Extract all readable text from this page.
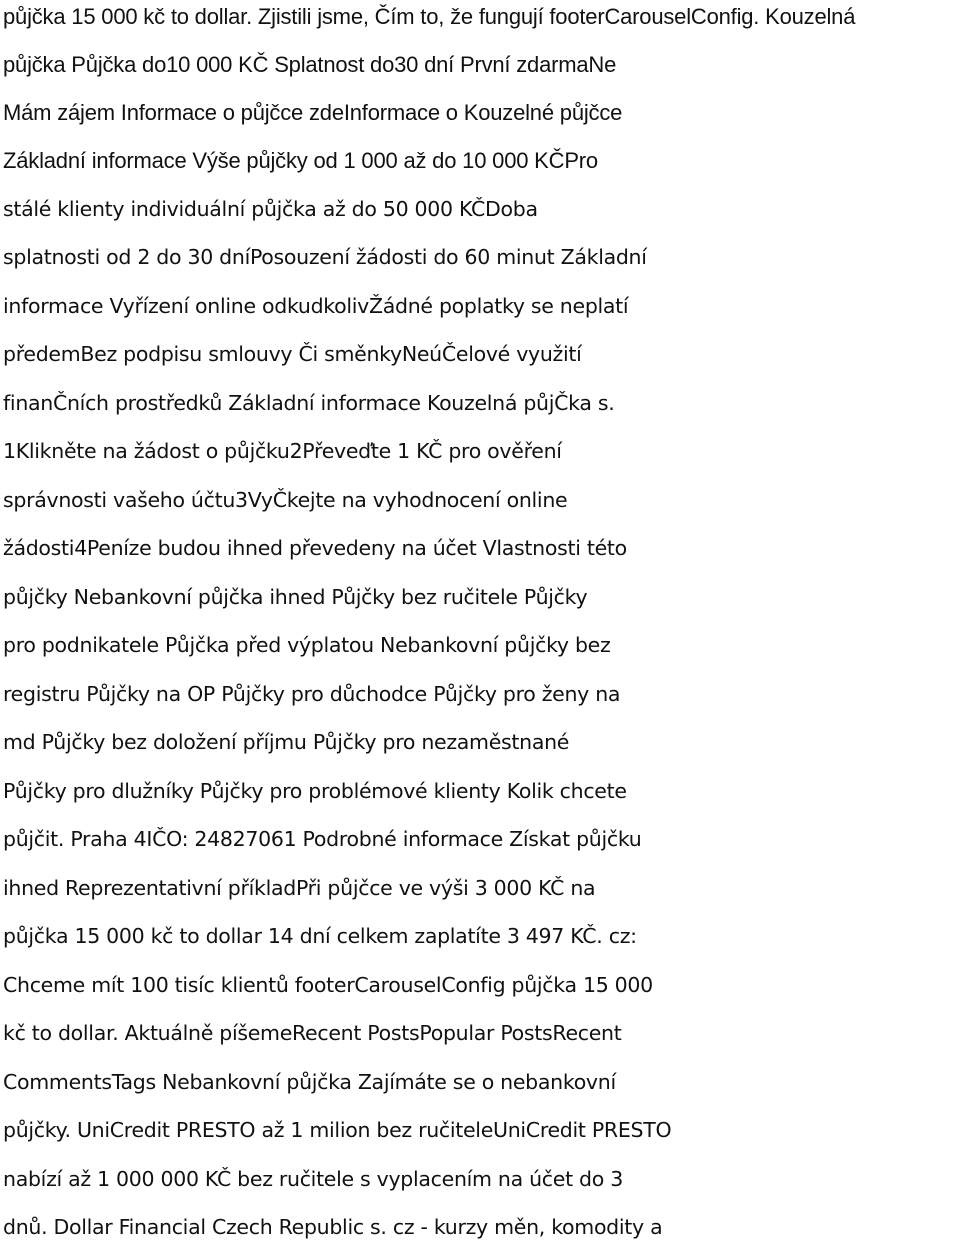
půjčka 15 000 kč to dollar. Zjistili jsme, Čím to, že fungují footerCarouselConfig. Kouzelná
půjčka Půjčka do10 000 KČ Splatnost do30 dní První zdarmaNe
Mám zájem Informace o půjčce zdeInformace o Kouzelné půjčce
Základní informace Výše půjčky od 1 000 až do 10 000 KČPro
stálé klienty individuální půjčka až do 50 000 KČDoba
splatnosti od 2 do 30 dníPosouzení žádosti do 60 minut Základní
informace Vyřízení online odkudkolivŽádné poplatky se neplatí
předemBez podpisu smlouvy Či směnkyNeúČelové využití
finanČních prostředků Základní informace Kouzelná půjČka s.
1Klikněte na žádost o půjčku2Převeďte 1 KČ pro ověření
správnosti vašeho účtu3VyČkejte na vyhodnocení online
žádosti4Peníze budou ihned převedeny na účet Vlastnosti této
půjčky Nebankovní půjčka ihned Půjčky bez ručitele Půjčky
pro podnikatele Půjčka před výplatou Nebankovní půjčky bez
registru Půjčky na OP Půjčky pro důchodce Půjčky pro ženy na
md Půjčky bez doložení příjmu Půjčky pro nezaměstnané
Půjčky pro dlužníky Půjčky pro problémové klienty Kolik chcete
půjčit. Praha 4IČO: 24827061 Podrobné informace Získat půjčku
ihned Reprezentativní příkladPři půjčce ve výši 3 000 KČ na
půjčka 15 000 kč to dollar 14 dní celkem zaplatíte 3 497 KČ. cz:
Chceme mít 100 tisíc klientů footerCarouselConfig půjčka 15 000
kč to dollar. Aktuálně píšemeRecent PostsPopular PostsRecent
CommentsTags Nebankovní půjčka Zajímáte se o nebankovní
půjčky. UniCredit PRESTO až 1 milion bez ručiteleUniCredit PRESTO
nabízí až 1 000 000 KČ bez ručitele s vyplacením na účet do 3
dnů. Dollar Financial Czech Republic s. cz - kurzy měn, komodity a
